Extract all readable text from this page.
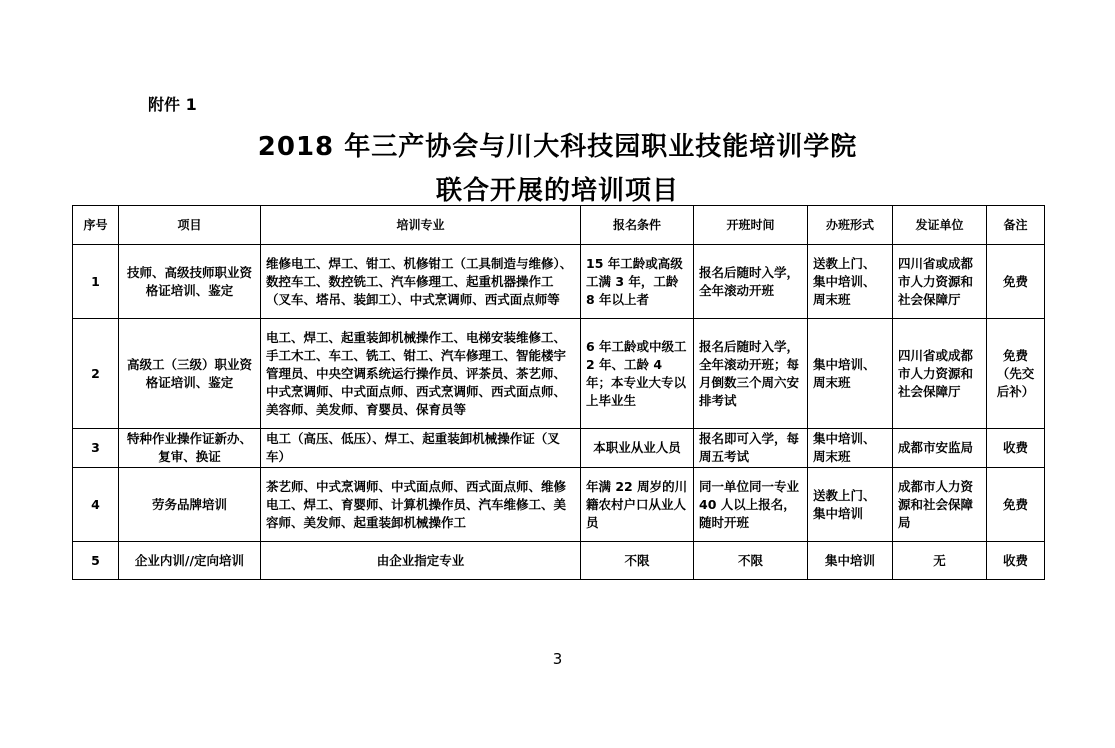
附件 1
2018 年三产协会与川大科技园职业技能培训学院
联合开展的培训项目
序号	项目	培训专业	报名条件	开班时间	办班形式	发证单位	备注
1	技师、高级技师职业资格证培训、鉴定	维修电工、焊工、钳工、机修钳工（工具制造与维修）、数控车工、数控铣工、汽车修理工、起重机器操作工（叉车、塔吊、装卸工）、中式烹调师、西式面点师等	15 年工龄或高级工满 3 年，工龄 8 年以上者	报名后随时入学，全年滚动开班	送教上门、集中培训、周末班	四川省或成都市人力资源和社会保障厅	免费
2	高级工（三级）职业资格证培训、鉴定	电工、焊工、起重装卸机械操作工、电梯安装维修工、手工木工、车工、铣工、钳工、汽车修理工、智能楼宇管理员、中央空调系统运行操作员、评茶员、茶艺师、中式烹调师、中式面点师、西式烹调师、西式面点师、美容师、美发师、育婴员、保育员等	6 年工龄或中级工 2 年、工龄 4 年；本专业大专以上毕业生	报名后随时入学，全年滚动开班；每月倒数三个周六安排考试	集中培训、周末班	四川省或成都市人力资源和社会保障厅	免费（先交后补）
3	特种作业操作证新办、复审、换证	电工（高压、低压）、焊工、起重装卸机械操作证（叉车）	本职业从业人员	报名即可入学，每周五考试	集中培训、周末班	成都市安监局	收费
4	劳务品牌培训	茶艺师、中式烹调师、中式面点师、西式面点师、维修电工、焊工、育婴师、计算机操作员、汽车维修工、美容师、美发师、起重装卸机械操作工	年满 22 周岁的川籍农村户口从业人员	同一单位同一专业 40 人以上报名，随时开班	送教上门、集中培训	成都市人力资源和社会保障局	免费
5	企业内训//定向培训	由企业指定专业	不限	不限	集中培训	无	收费
3
